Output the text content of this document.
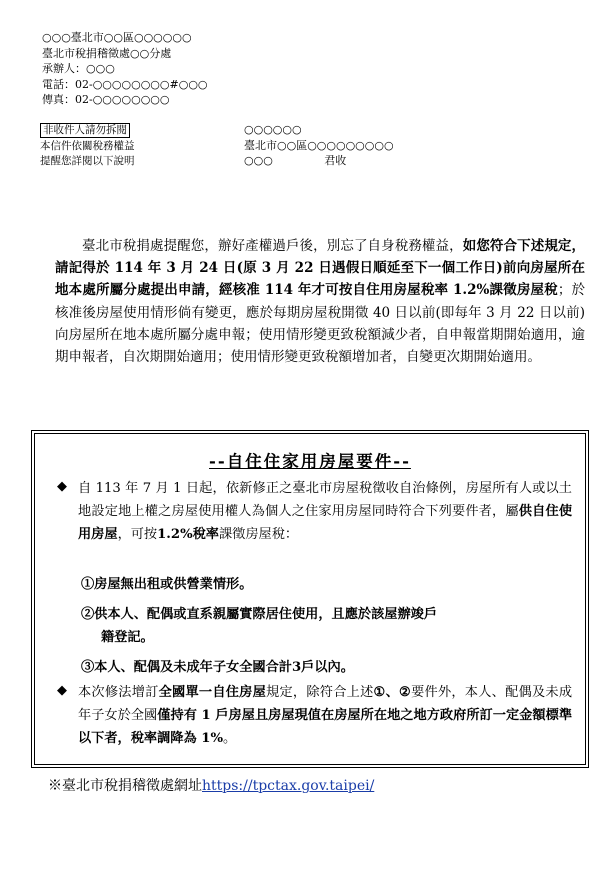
○○○臺北市○○區○○○○○○
臺北市稅捐稽徵處○○分處
承辦人：○○○
電話：02-○○○○○○○○#○○○
傳真：02-○○○○○○○○
非收件人請勿拆閱
本信件依關稅務權益
提醒您詳閱以下說明
○○○○○○
臺北市○○區○○○○○○○○○
○○○	君收
臺北市稅捐處提醒您，辦好產權過戶後，別忘了自身稅務權益，如您符合下述規定，請記得於 114 年 3 月 24 日(原 3 月 22 日遇假日順延至下一個工作日)前向房屋所在地本處所屬分處提出申請，經核准 114 年才可按自住用房屋稅率 1.2%課徵房屋稅；於核准後房屋使用情形倘有變更，應於每期房屋稅開徵 40 日以前(即每年 3 月 22 日以前)向房屋所在地本處所屬分處申報；使用情形變更致稅額減少者，自申報當期開始適用，逾期申報者，自次期開始適用；使用情形變更致稅額增加者，自變更次期開始適用。
--自住住家用房屋要件--
◆ 自 113 年 7 月 1 日起，依新修正之臺北市房屋稅徵收自治條例，房屋所有人或以土地設定地上權之房屋使用權人為個人之住家用房屋同時符合下列要件者，屬供自住使用房屋，可按1.2%稅率課徵房屋稅：
①房屋無出租或供營業情形。
②供本人、配偶或直系親屬實際居住使用，且應於該屋辦竣戶
籍登記。
③本人、配偶及未成年子女全國合計3戶以內。
◆ 本次修法增訂全國單一自住房屋規定，除符合上述①、②要件外，本人、配偶及未成年子女於全國僅持有 1 戶房屋且房屋現值在房屋所在地之地方政府所訂一定金額標準以下者，稅率調降為 1%。
※臺北市稅捐稽徵處網址https://tpctax.gov.taipei/
